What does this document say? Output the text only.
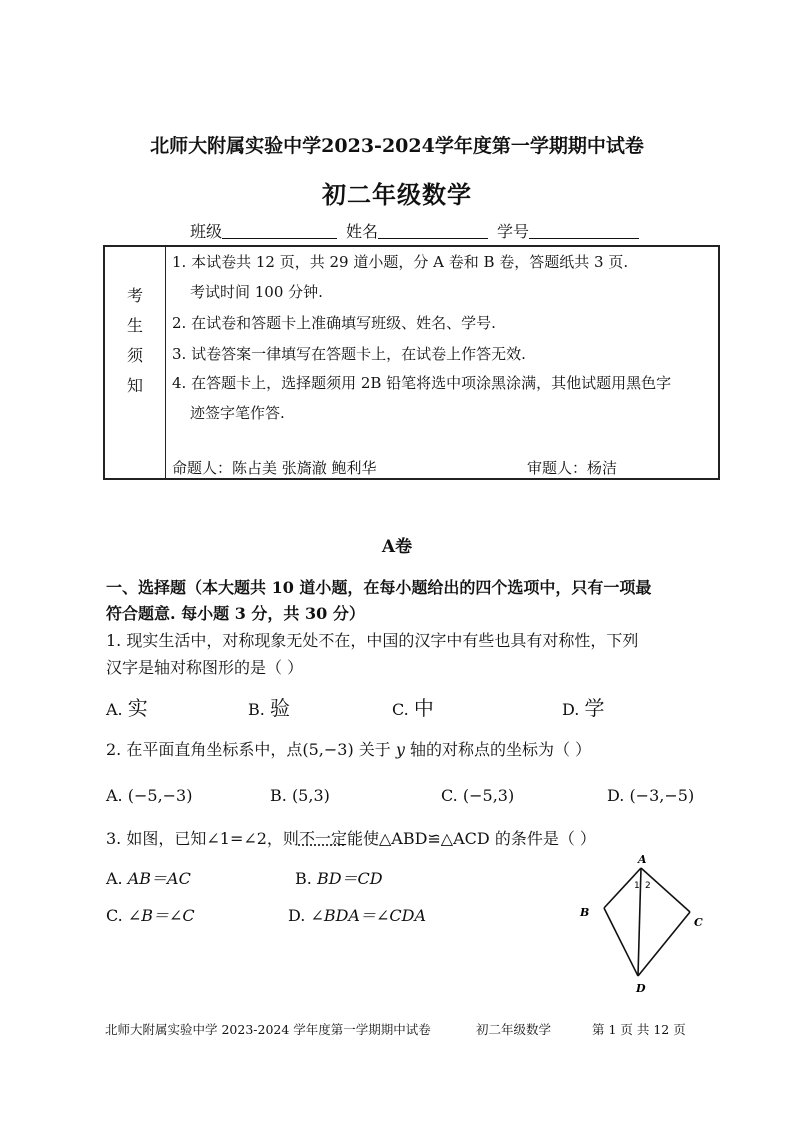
北师大附属实验中学2023-2024学年度第一学期期中试卷
初二年级数学
班级	姓名	学号
考
生
须
知
1. 本试卷共 12 页，共 29 道小题，分 A 卷和 B 卷，答题纸共 3 页.
考试时间 100 分钟.
2. 在试卷和答题卡上准确填写班级、姓名、学号.
3. 试卷答案一律填写在答题卡上，在试卷上作答无效.
4. 在答题卡上，选择题须用 2B 铅笔将选中项涂黑涂满，其他试题用黑色字
迹签字笔作答.
命题人：陈占美 张旖澈 鲍利华	审题人：杨洁
A卷
一、选择题（本大题共 10 道小题，在每小题给出的四个选项中，只有一项最
符合题意. 每小题 3 分，共 30 分）
1. 现实生活中，对称现象无处不在，中国的汉字中有些也具有对称性，下列
汉字是轴对称图形的是（ ）
A. 实	B. 验	C. 中	D. 学
2. 在平面直角坐标系中，点(5,−3) 关于 y 轴的对称点的坐标为（ ）
A. (−5,−3)	B. (5,3)	C. (−5,3)	D. (−3,−5)
3. 如图，已知∠1=∠2，则不一定能使△ABD≌△ACD 的条件是（ ）
A. AB＝AC	B. BD＝CD
C. ∠B＝∠C	D. ∠BDA＝∠CDA
A
1 2
B
C
D
北师大附属实验中学 2023-2024 学年度第一学期期中试卷	初二年级数学	第 1 页 共 12 页
